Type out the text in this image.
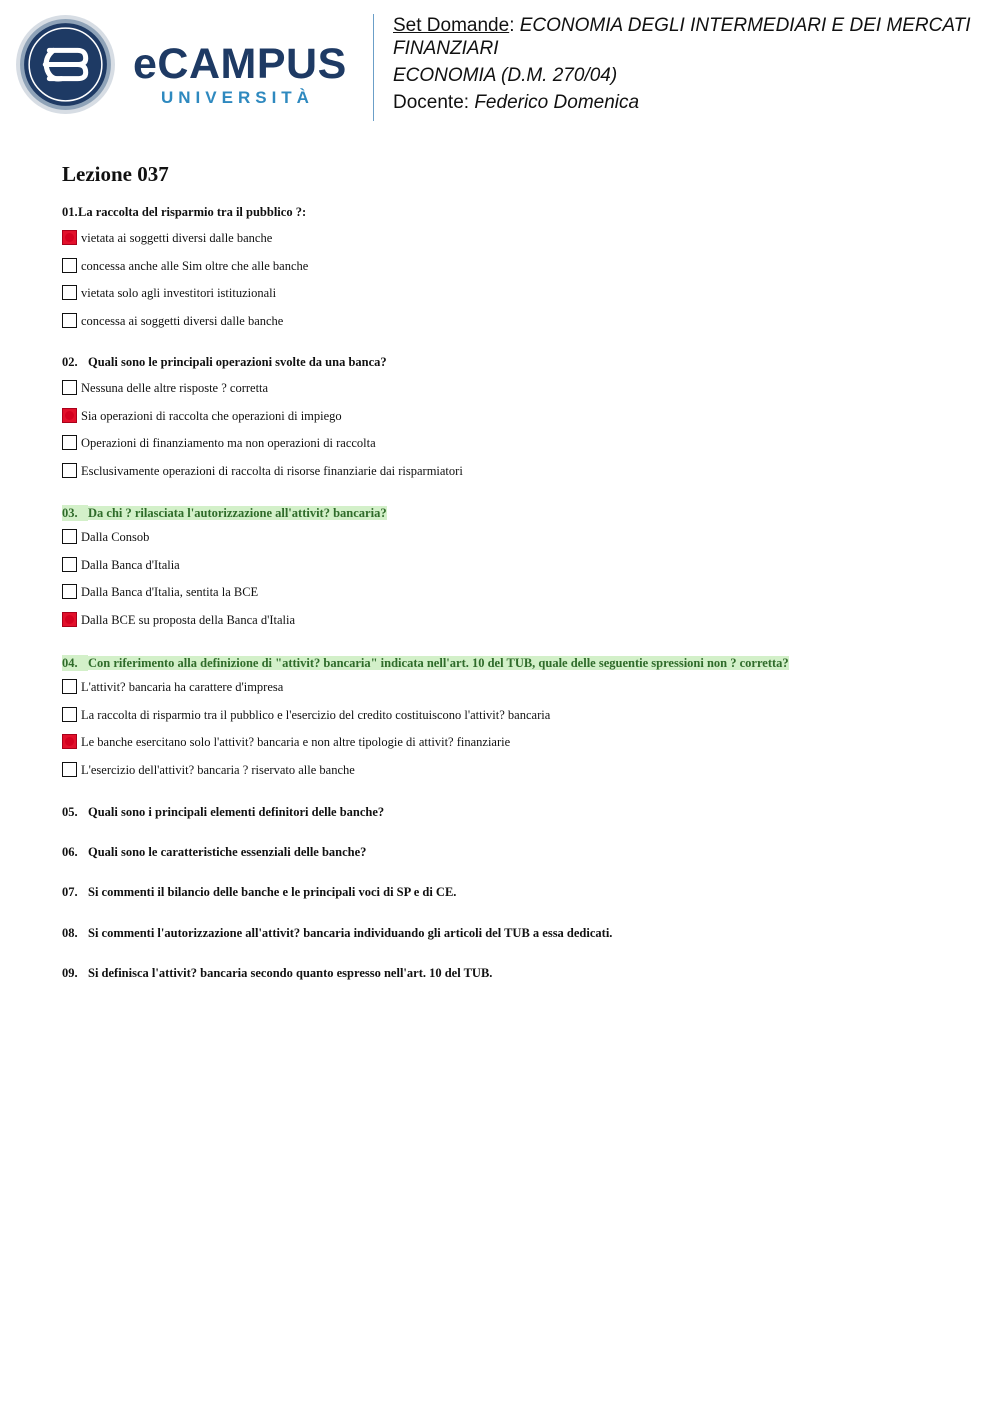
eCAMPUS
UNIVERSITÀ
Set Domande: ECONOMIA DEGLI INTERMEDIARI E DEI MERCATI
FINANZIARI
ECONOMIA (D.M. 270/04)
Docente: Federico Domenica
Lezione 037
01.La raccolta del risparmio tra il pubblico ?:
vietata ai soggetti diversi dalle banche
concessa anche alle Sim oltre che alle banche
vietata solo agli investitori istituzionali
concessa ai soggetti diversi dalle banche
02. Quali sono le principali operazioni svolte da una banca?
Nessuna delle altre risposte ? corretta
Sia operazioni di raccolta che operazioni di impiego
Operazioni di finanziamento ma non operazioni di raccolta
Esclusivamente operazioni di raccolta di risorse finanziarie dai risparmiatori
03. Da chi ? rilasciata l'autorizzazione all'attivit? bancaria?
Dalla Consob
Dalla Banca d'Italia
Dalla Banca d'Italia, sentita la BCE
Dalla BCE su proposta della Banca d'Italia
04. Con riferimento alla definizione di "attivit? bancaria" indicata nell'art. 10 del TUB, quale delle seguentie spressioni non ? corretta?
L'attivit? bancaria ha carattere d'impresa
La raccolta di risparmio tra il pubblico e l'esercizio del credito costituiscono l'attivit? bancaria
Le banche esercitano solo l'attivit? bancaria e non altre tipologie di attivit? finanziarie
L'esercizio dell'attivit? bancaria ? riservato alle banche
05. Quali sono i principali elementi definitori delle banche?
06. Quali sono le caratteristiche essenziali delle banche?
07. Si commenti il bilancio delle banche e le principali voci di SP e di CE.
08. Si commenti l'autorizzazione all'attivit? bancaria individuando gli articoli del TUB a essa dedicati.
09. Si definisca l'attivit? bancaria secondo quanto espresso nell'art. 10 del TUB.
